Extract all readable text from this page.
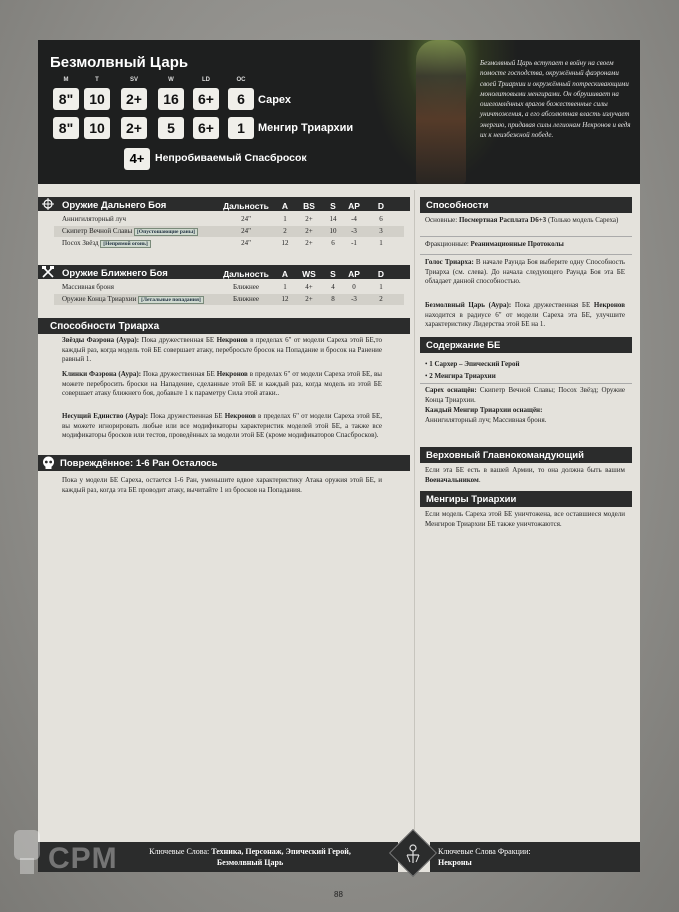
Безмолвный Царь
M	T	SV	W	LD	OC
8"	10	2+	16	6+	6	Сарех
8"	10	2+	5	6+	1	Менгир Триархии
4+	Непробиваемый Спасбросок
Безмолвный Царь вступает в войну на своем помосте господства, окружённый фаэронами своей Триархии и окружённый потрескивающими монолитовыми менгирами. Он обрушивает на ошеломлённых врагов божественные силы уничтожения, а его абсолютная власть излучает энергию, придавая силы легионам Некронов и ведя их к неизбежной победе.
Оружие Дальнего Боя	Дальность	A	BS	S	AP	D
Аннигиляторный луч	24"	1	2+	14	-4	6
Скипетр Вечной Славы [Опустошающие раны]	24"	2	2+	10	-3	3
Посох Звёзд [Непрямой огонь]	24"	12	2+	6	-1	1
Оружие Ближнего Боя	Дальность	A	WS	S	AP	D
Массивная броня	Ближнее	1	4+	4	0	1
Оружие Конца Триархии [Летальные попадания]	Ближнее	12	2+	8	-3	2
Способности Триарха
Звёзды Фаэрона (Аура): Пока дружественная БЕ Некронов в пределах 6" от модели Сареха этой БЕ,то каждый раз, когда модель той БЕ совершает атаку, перебросьте бросок на Попадание и бросок на Ранение равный 1.
Клинки Фаэрона (Аура): Пока дружественная БЕ Некронов в пределах 6" от модели Сареха этой БЕ, вы можете перебросить броски на Нападение, сделанные этой БЕ и каждый раз, когда модель из этой БЕ совершает атаку ближнего боя, добавьте 1 к параметру Сила этой атаки..
Несущий Единство (Аура): Пока дружественная БЕ Некронов в пределах 6" от модели Сареха этой БЕ, вы можете игнорировать любые или все модификаторы характеристик моделей этой БЕ, а также все модификаторы бросков или тестов, проведённых за модели этой БЕ (кроме модификаторов Спасбросков).
Повреждённое: 1-6 Ран Осталось
Пока у модели БЕ Сареха, остается 1-6 Ран, уменьшите вдвое характеристику Атака оружия этой БЕ, и каждый раз, когда эта БЕ проводит атаку, вычитайте 1 из бросков на Попадания.
Способности
Основные: Посмертная Расплата D6+3 (Только модель Сареха)
Фракционные: Реанимационные Протоколы
Голос Триарха: В начале Раунда Боя выберите одну Способность Триарха (см. слева). До начала следующего Раунда Боя эта БЕ обладает данной способностью.
Безмолвный Царь (Аура): Пока дружественная БЕ Некронов находится в радиусе 6" от модели Сареха эта БЕ, улучшите характеристику Лидерства этой БЕ на 1.
Содержание БЕ
• 1 Сархер – Эпический Герой
• 2 Менгира Триархии
Сарех оснащён: Скипетр Вечной Славы; Посох Звёзд; Оружие Конца Триархии.
Каждый Менгир Триархии оснащён:
Аннигиляторный луч; Массивная броня.
Верховный Главнокомандующий
Если эта БЕ есть в вашей Армии, то она должна быть вашим Военачальником.
Менгиры Триархии
Если модель Сареха этой БЕ уничтожена, все оставшиеся модели Менгиров Триархии БЕ также уничтожаются.
Ключевые Слова: Техника, Персонаж, Эпический Герой,
Безмолвный Царь
Ключевые Слова Фракции:
Некроны
CPM
88
